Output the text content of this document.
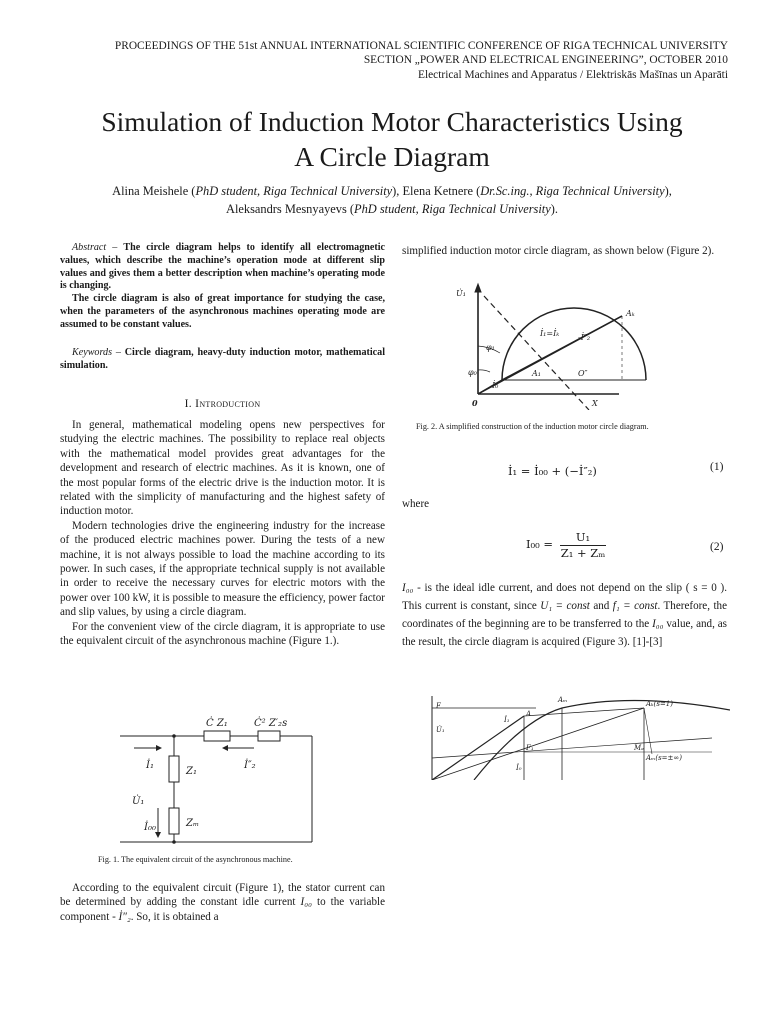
PROCEEDINGS OF THE 51st ANNUAL INTERNATIONAL SCIENTIFIC CONFERENCE OF RIGA TECHNICAL UNIVERSITY
SECTION „POWER AND ELECTRICAL ENGINEERING”, OCTOBER 2010
Electrical Machines and Apparatus / Elektriskās Mašīnas un Aparāti
Simulation of Induction Motor Characteristics Using
A Circle Diagram
Alina Meishele (PhD student, Riga Technical University), Elena Ketnere (Dr.Sc.ing., Riga Technical University),
Aleksandrs Mesnyayevs (PhD student, Riga Technical University).
Abstract – The circle diagram helps to identify all electromagnetic values, which describe the machine’s operation mode at different slip values and gives them a better description when machine’s operating mode is changing.
The circle diagram is also of great importance for studying the case, when the parameters of the asynchronous machines operating mode are assumed to be constant values.
Keywords – Circle diagram, heavy-duty induction motor, mathematical simulation.
I. Introduction

In general, mathematical modeling opens new perspectives for studying the electric machines. The possibility to replace real objects with the mathematical model provides great advantages for the development and research of electric machines. As it is known, one of the most popular forms of the electric drive is the induction motor. It is related with the simplicity of manufacturing and the highest safety of induction motor.

Modern technologies drive the engineering industry for the increase of the produced electric machines power. During the tests of a new machine, it is not always possible to load the machine according to its power. In such cases, if the appropriate technical supply is not available in order to receive the necessary curves for electric motors with the power over 100 kW, it is possible to measure the efficiency, power factor and slip values, by using a circle diagram.

For the convenient view of the circle diagram, it is appropriate to use the equivalent circuit of the asynchronous machine (Figure 1.).

Ċ Z₁	Ċ² Z′₂s
İ₁	İ″₂
Z₁
U̇₁
İ₀₀	Zₘ
Fig. 1. The equivalent circuit of the asynchronous machine.
According to the equivalent circuit (Figure 1), the stator current can be determined by adding the constant idle current I₀₀ to the variable component - İ″₂. So, it is obtained a
simplified induction motor circle diagram, as shown below (Figure 2).
U̇₁
Aₖ
İ₁=İₖ -İ″₂
φ₁
φ₀	A₁
İ₀
O″
0	X
Fig. 2. A simplified construction of the induction motor circle diagram.
İ₁ = İ₀₀ + (−İ″₂)	(1)
where
$I_{00} = \frac{\text{U₁}}{\text{Z₁ + Zₘ}}$	(2)
I₀₀ - is the ideal idle current, and does not depend on the slip ( s = 0 ). This current is constant, since U₁ = const and f₁ = const. Therefore, the coordinates of the beginning are to be transferred to the I₀₀ value, and, as the result, the circle diagram is acquired (Figure 3). [1]-[3]
F
U̇₁
Aₘ	Aₖ(s=1)
A
İ₁
F₁
İ₀
Mₐ
Aₘ(s=±∞)
